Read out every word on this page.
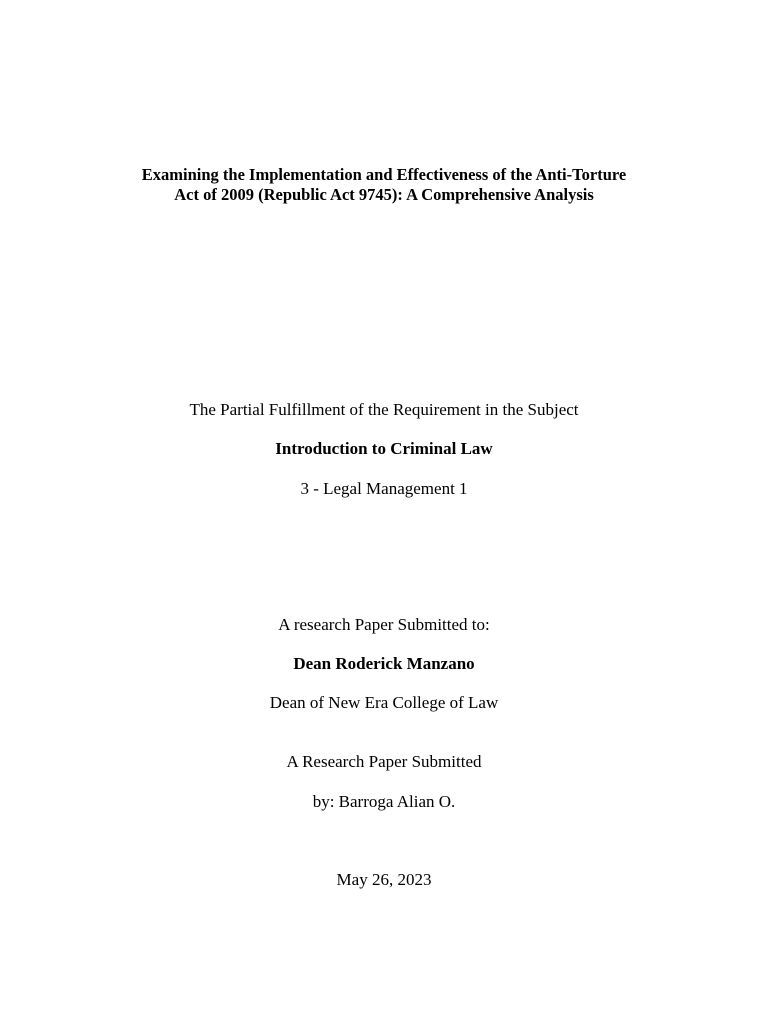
Examining the Implementation and Effectiveness of the Anti-Torture
Act of 2009 (Republic Act 9745): A Comprehensive Analysis
The Partial Fulfillment of the Requirement in the Subject
Introduction to Criminal Law
3 - Legal Management 1
A research Paper Submitted to:
Dean Roderick Manzano
Dean of New Era College of Law
A Research Paper Submitted
by: Barroga Alian O.
May 26, 2023
